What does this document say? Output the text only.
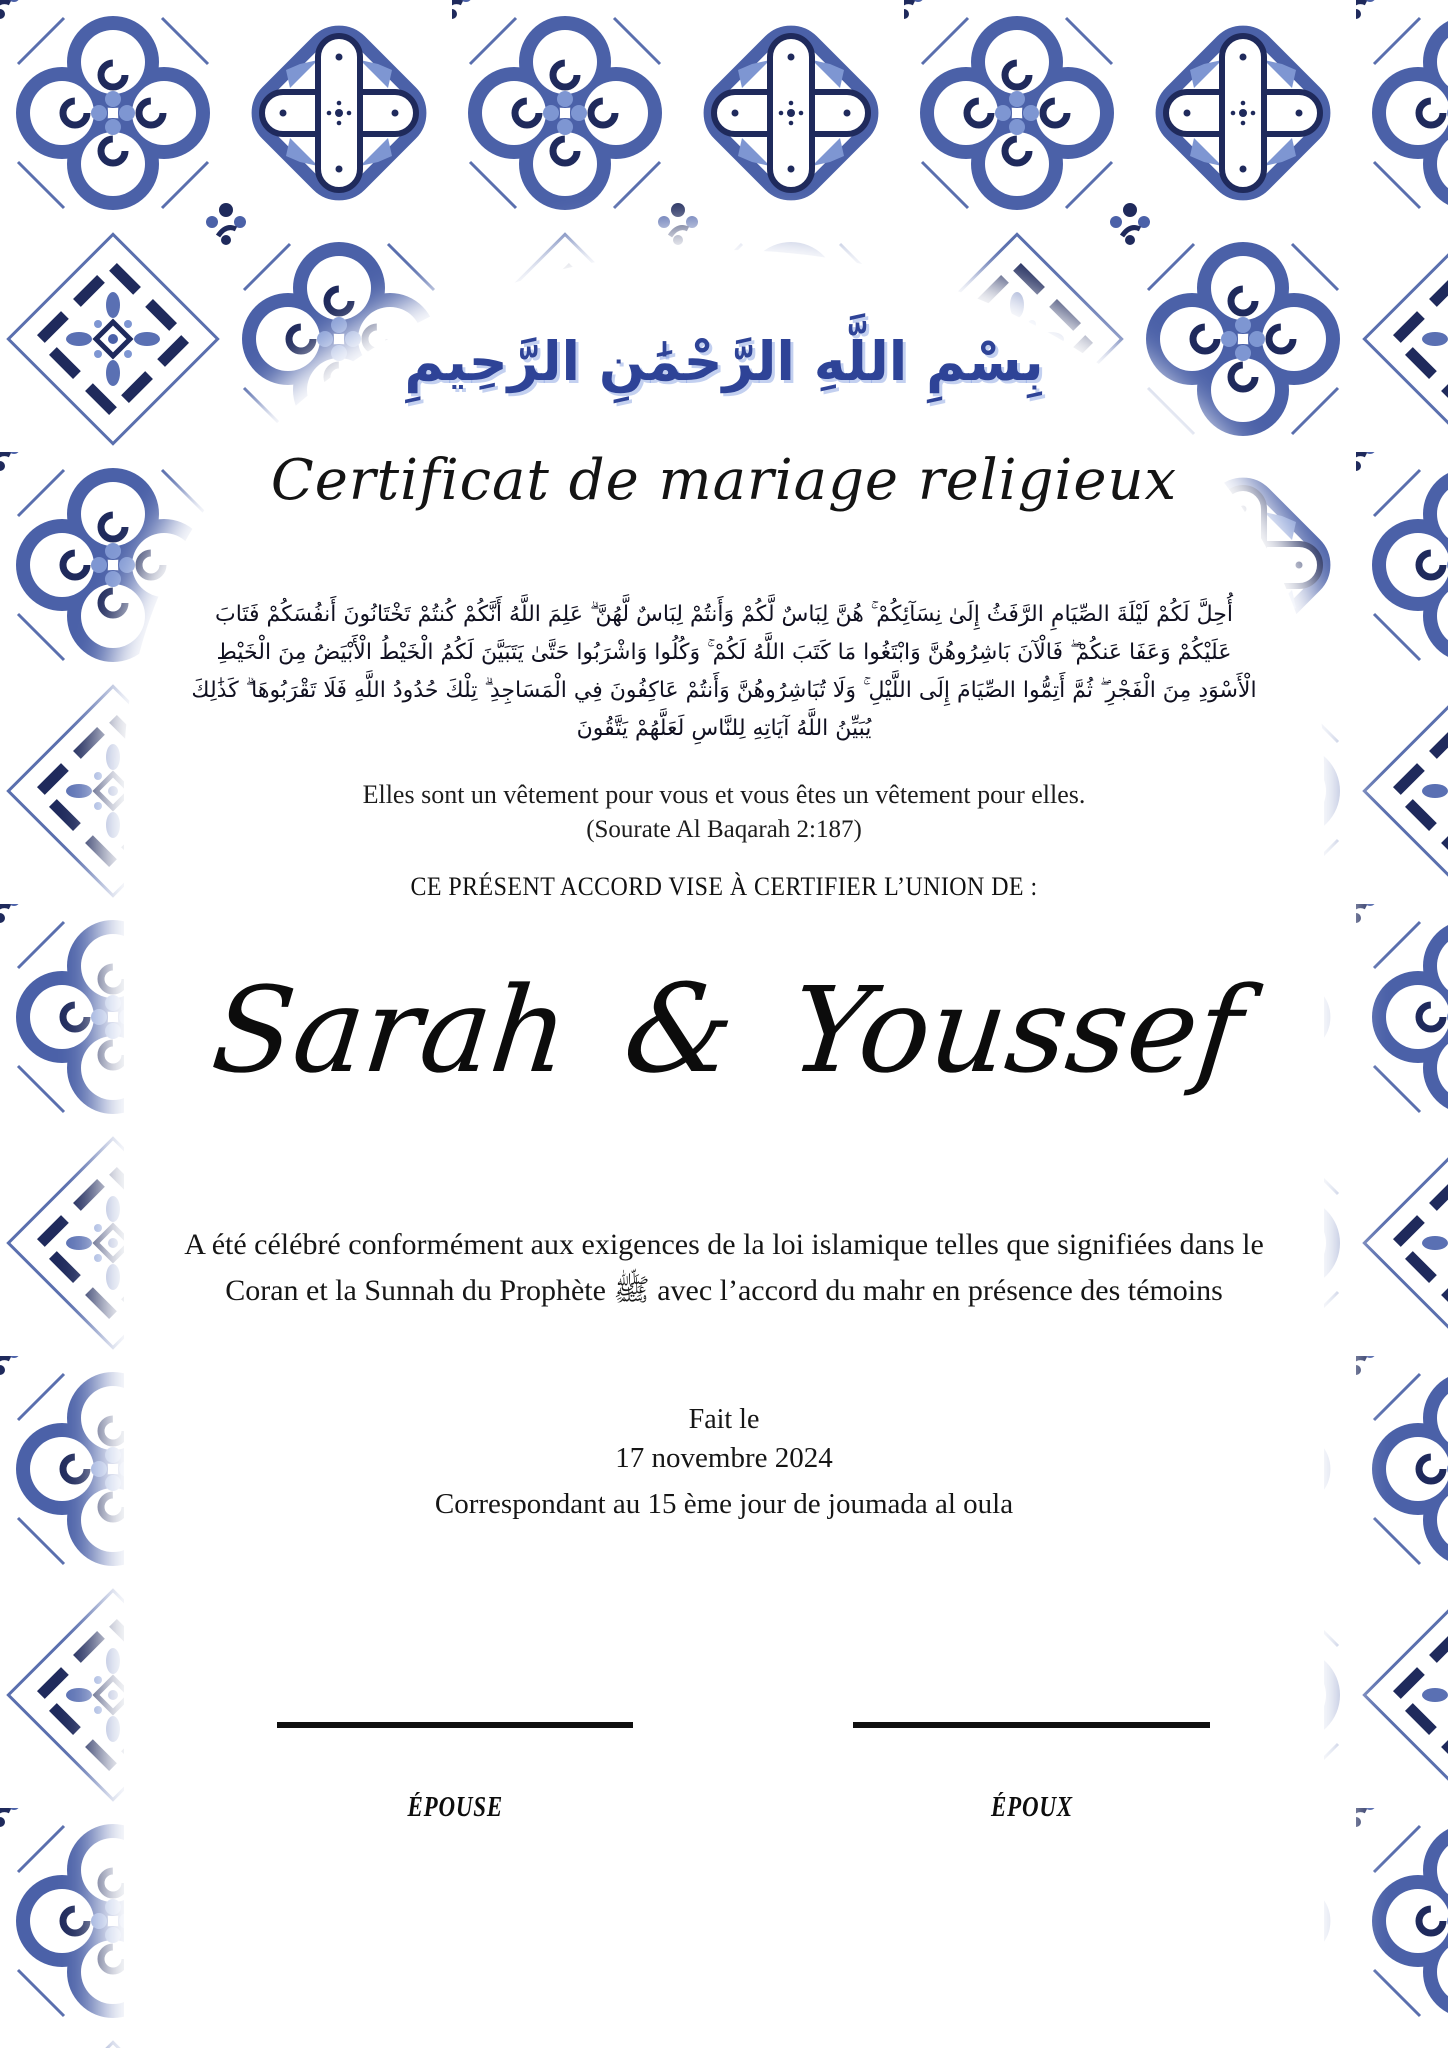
بِسْمِ اللَّهِ الرَّحْمَٰنِ الرَّحِيمِ
Certificat de mariage religieux
أُحِلَّ لَكُمْ لَيْلَةَ الصِّيَامِ الرَّفَثُ إِلَىٰ نِسَآئِكُمْ ۚ هُنَّ لِبَاسٌ لَّكُمْ وَأَنتُمْ لِبَاسٌ لَّهُنَّ ۗ عَلِمَ اللَّهُ أَنَّكُمْ كُنتُمْ تَخْتَانُونَ أَنفُسَكُمْ فَتَابَ
عَلَيْكُمْ وَعَفَا عَنكُمْ ۖ فَالْآنَ بَاشِرُوهُنَّ وَابْتَغُوا مَا كَتَبَ اللَّهُ لَكُمْ ۚ وَكُلُوا وَاشْرَبُوا حَتَّىٰ يَتَبَيَّنَ لَكُمُ الْخَيْطُ الْأَبْيَضُ مِنَ الْخَيْطِ
الْأَسْوَدِ مِنَ الْفَجْرِ ۖ ثُمَّ أَتِمُّوا الصِّيَامَ إِلَى اللَّيْلِ ۚ وَلَا تُبَاشِرُوهُنَّ وَأَنتُمْ عَاكِفُونَ فِي الْمَسَاجِدِ ۗ تِلْكَ حُدُودُ اللَّهِ فَلَا تَقْرَبُوهَا ۗ كَذَٰلِكَ
يُبَيِّنُ اللَّهُ آيَاتِهِ لِلنَّاسِ لَعَلَّهُمْ يَتَّقُونَ
Elles sont un vêtement pour vous et vous êtes un vêtement pour elles.
(Sourate Al Baqarah 2:187)
CE PRÉSENT ACCORD VISE À CERTIFIER L’UNION DE :
Sarah & Youssef
A été célébré conformément aux exigences de la loi islamique telles que signifiées dans le Coran et la Sunnah du Prophète ﷺ avec l’accord du mahr en présence des témoins
Fait le
17 novembre 2024
Correspondant au 15 ème jour de joumada al oula
ÉPOUSE	ÉPOUX
